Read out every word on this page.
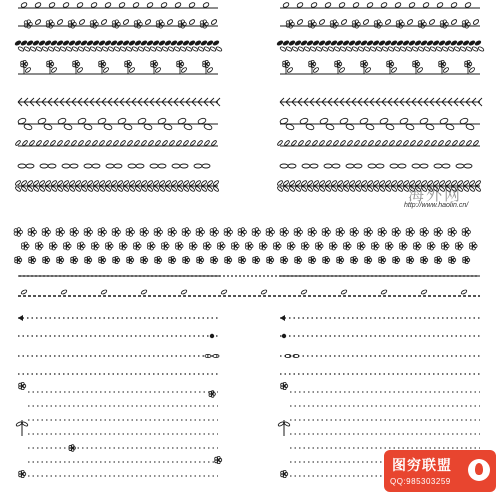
海外网
http://www.haolin.cn/
图穷联盟
QQ:985303259
